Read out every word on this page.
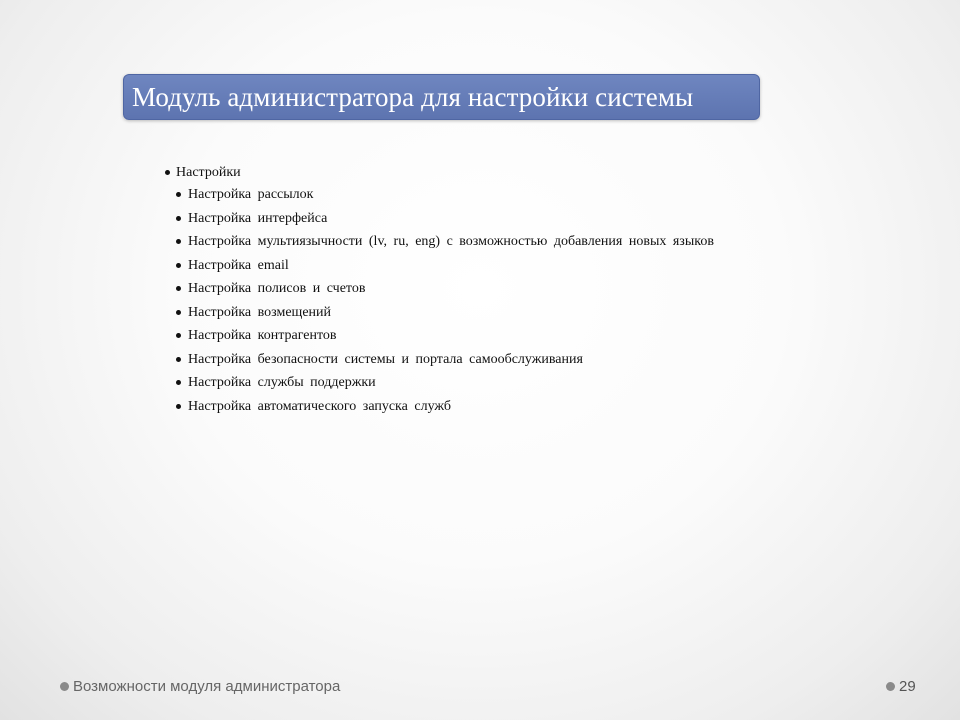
Модуль администратора для настройки системы
Настройки
Настройка рассылок
Настройка интерфейса
Настройка мультиязычности (lv, ru, eng) с возможностью добавления новых языков
Настройка email
Настройка полисов и счетов
Настройка возмещений
Настройка контрагентов
Настройка безопасности системы и портала самообслуживания
Настройка службы поддержки
Настройка автоматического запуска служб
Возможности модуля администратора	29
